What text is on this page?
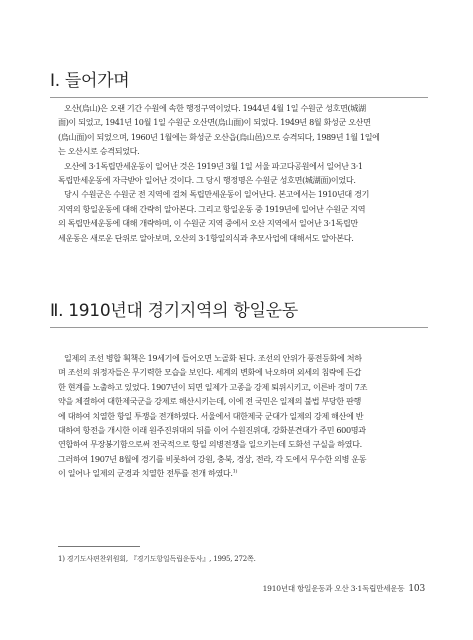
Ⅰ. 들어가며
오산(烏山)은 오랜 기간 수원에 속한 행정구역이었다. 1944년 4월 1일 수원군 성호면(城湖
面)이 되었고, 1941년 10월 1일 수원군 오산면(烏山面)이 되었다. 1949년 8월 화성군 오산면
(烏山面)이 되었으며, 1960년 1월에는 화성군 오산읍(烏山邑)으로 승격되다, 1989년 1월 1일에
는 오산시로 승격되었다.
오산에 3·1독립만세운동이 일어난 것은 1919년 3월 1일 서울 파고다공원에서 일어난 3·1
독립만세운동에 자극받아 일어난 것이다. 그 당시 행정명은 수원군 성호면(城湖面)이었다.
당시 수원군은 수원군 전 지역에 걸쳐 독립만세운동이 일어난다. 본고에서는 1910년대 경기
지역의 항일운동에 대해 간략히 알아본다. 그리고 항일운동 중 1919년에 일어난 수원군 지역
의 독립만세운동에 대해 개략하며, 이 수원군 지역 중에서 오산 지역에서 일어난 3·1독립만
세운동은 새로운 단위로 알아보며, 오산의 3·1항일의식과 추모사업에 대해서도 알아본다.
Ⅱ. 1910년대 경기지역의 항일운동
일제의 조선 병합 획책은 19세기에 들어오면 노골화 된다. 조선의 안위가 풍전등화에 처하
며 조선의 위정자들은 무기력한 모습을 보인다. 세계의 변화에 낙오하며 외세의 침략에 든갑
한 현계를 노출하고 있었다. 1907년이 되면 일제가 고종을 강제 퇴위시키고, 이른바 정미 7조
약을 체결하여 대한제국군을 강제로 해산시키는데, 이에 전 국민은 일제의 불법 부당한 판행
에 대하여 치열한 항일 투쟁을 전개하였다. 서울에서 대한제국 군대가 일제의 강제 해산에 반
대하여 항전을 개시한 이래 원주진위대의 뒤를 이어 수원진위대, 강화분견대가 주민 600명과
연합하여 무장봉기함으로써 전국적으로 항일 의병전쟁을 일으키는데 도화선 구실을 하였다.
그러하여 1907년 8월에 경기를 비롯하여 강원, 충북, 경상, 전라, 각 도에서 무수한 의병 운동
이 일어나 일제의 군경과 치열한 전투를 전개 하였다.$^{1)}$
1) 경기도사편찬위원회, 『경기도항일독립운동사』, 1995, 272쪽.
1910년대 항일운동과 오산 3·1독립만세운동 103
